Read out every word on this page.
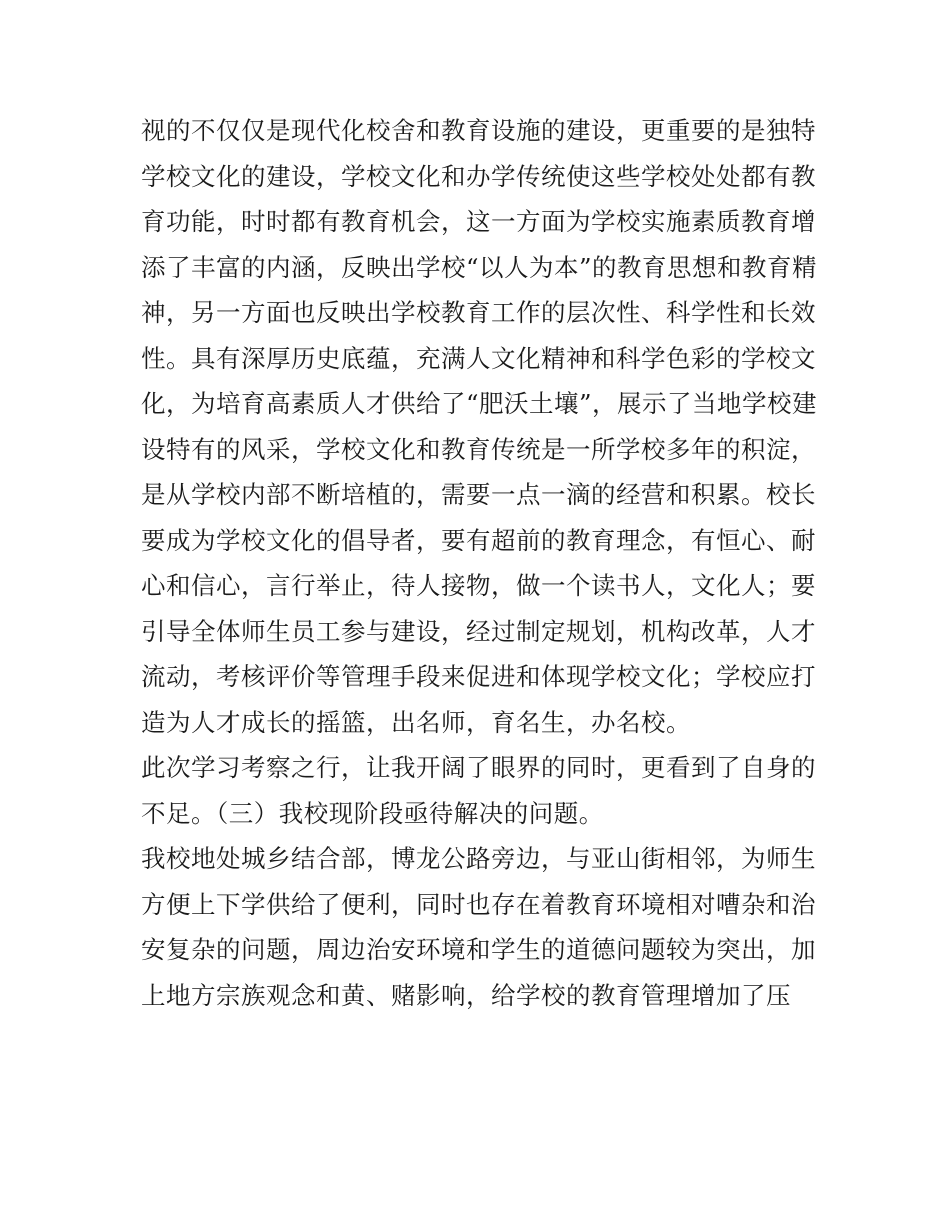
视的不仅仅是现代化校舍和教育设施的建设，更重要的是独特
学校文化的建设，学校文化和办学传统使这些学校处处都有教
育功能，时时都有教育机会，这一方面为学校实施素质教育增
添了丰富的内涵，反映出学校“以人为本”的教育思想和教育精
神，另一方面也反映出学校教育工作的层次性、科学性和长效
性。具有深厚历史底蕴，充满人文化精神和科学色彩的学校文
化，为培育高素质人才供给了“肥沃土壤”，展示了当地学校建
设特有的风采，学校文化和教育传统是一所学校多年的积淀，
是从学校内部不断培植的，需要一点一滴的经营和积累。校长
要成为学校文化的倡导者，要有超前的教育理念，有恒心、耐
心和信心，言行举止，待人接物，做一个读书人，文化人；要
引导全体师生员工参与建设，经过制定规划，机构改革，人才
流动，考核评价等管理手段来促进和体现学校文化；学校应打
造为人才成长的摇篮，出名师，育名生，办名校。
此次学习考察之行，让我开阔了眼界的同时，更看到了自身的
不足。（三）我校现阶段亟待解决的问题。
我校地处城乡结合部，博龙公路旁边，与亚山街相邻，为师生
方便上下学供给了便利，同时也存在着教育环境相对嘈杂和治
安复杂的问题，周边治安环境和学生的道德问题较为突出，加
上地方宗族观念和黄、赌影响，给学校的教育管理增加了压
